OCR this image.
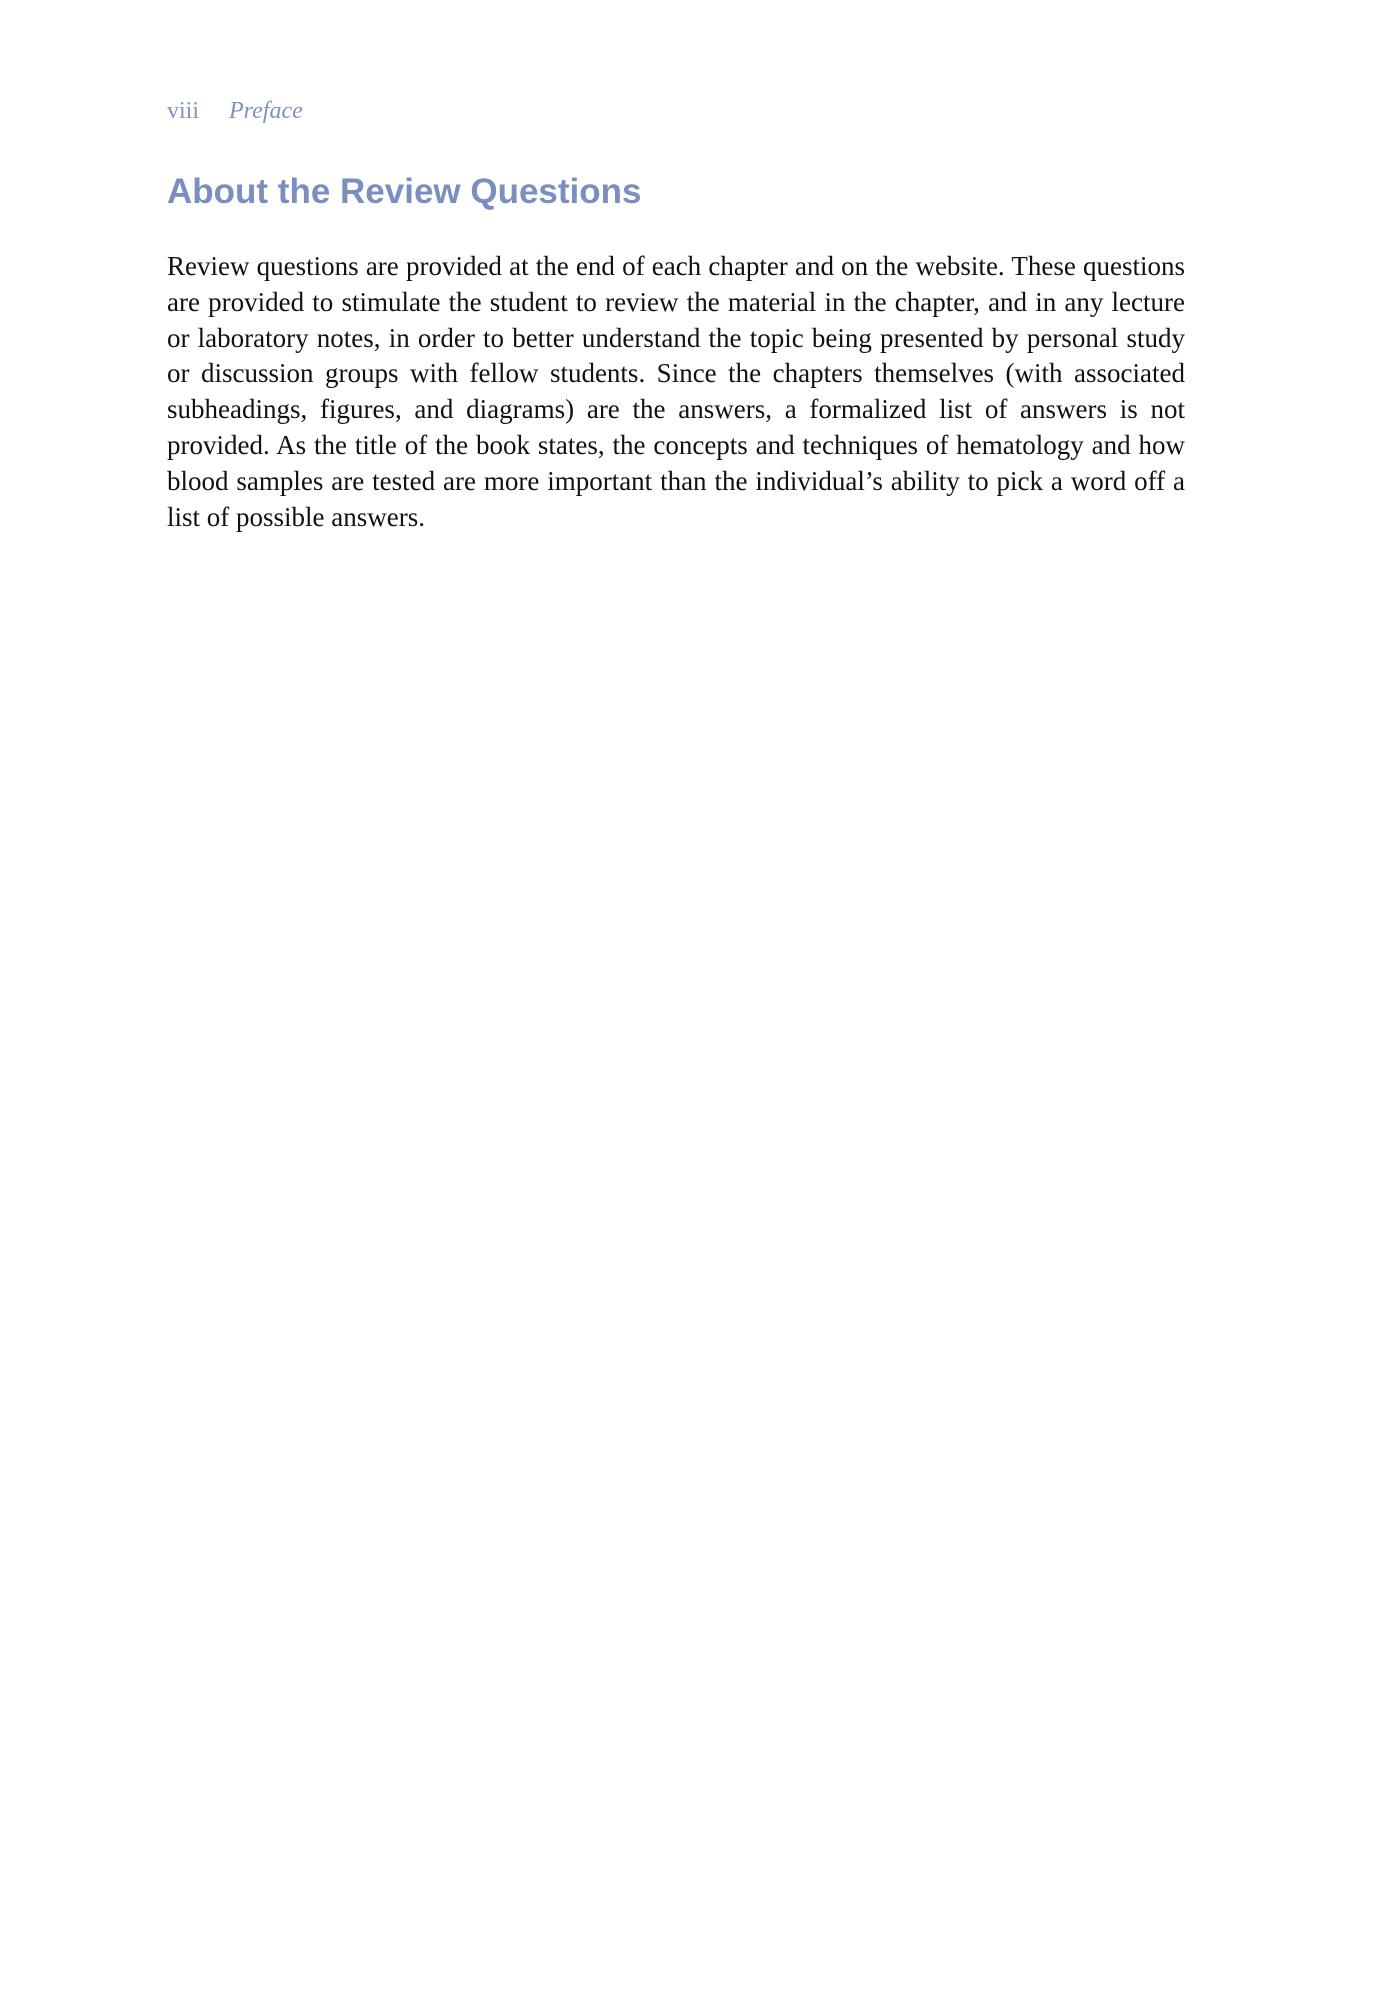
viii Preface
About the Review Questions

Review questions are provided at the end of each chapter and on the website. These questions are provided to stimulate the student to review the material in the chapter, and in any lecture or laboratory notes, in order to better understand the topic being presented by personal study or discussion groups with fellow students. Since the chapters themselves (with associated subheadings, figures, and diagrams) are the answers, a formalized list of answers is not provided. As the title of the book states, the concepts and techniques of hematology and how blood samples are tested are more important than the individual’s ability to pick a word off a list of possible answers.
